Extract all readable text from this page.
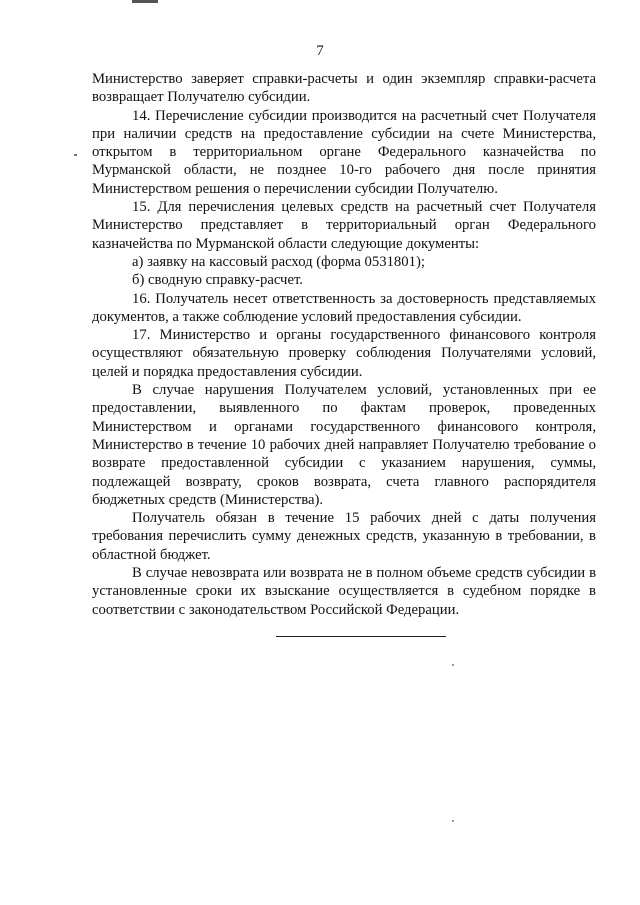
7

Министерство заверяет справки-расчеты и один экземпляр справки-расчета возвращает Получателю субсидии.

14. Перечисление субсидии производится на расчетный счет Получателя при наличии средств на предоставление субсидии на счете Министерства, открытом в территориальном органе Федерального казначейства по Мурманской области, не позднее 10-го рабочего дня после принятия Министерством решения о перечислении субсидии Получателю.

15. Для перечисления целевых средств на расчетный счет Получателя Министерство представляет в территориальный орган Федерального казначейства по Мурманской области следующие документы:

а) заявку на кассовый расход (форма 0531801);

б) сводную справку-расчет.

16. Получатель несет ответственность за достоверность представляемых документов, а также соблюдение условий предоставления субсидии.

17. Министерство и органы государственного финансового контроля осуществляют обязательную проверку соблюдения Получателями условий, целей и порядка предоставления субсидии.

В случае нарушения Получателем условий, установленных при ее предоставлении, выявленного по фактам проверок, проведенных Министерством и органами государственного финансового контроля, Министерство в течение 10 рабочих дней направляет Получателю требование о возврате предоставленной субсидии с указанием нарушения, суммы, подлежащей возврату, сроков возврата, счета главного распорядителя бюджетных средств (Министерства).

Получатель обязан в течение 15 рабочих дней с даты получения требования перечислить сумму денежных средств, указанную в требовании, в областной бюджет.

В случае невозврата или возврата не в полном объеме средств субсидии в установленные сроки их взыскание осуществляется в судебном порядке в соответствии с законодательством Российской Федерации.
